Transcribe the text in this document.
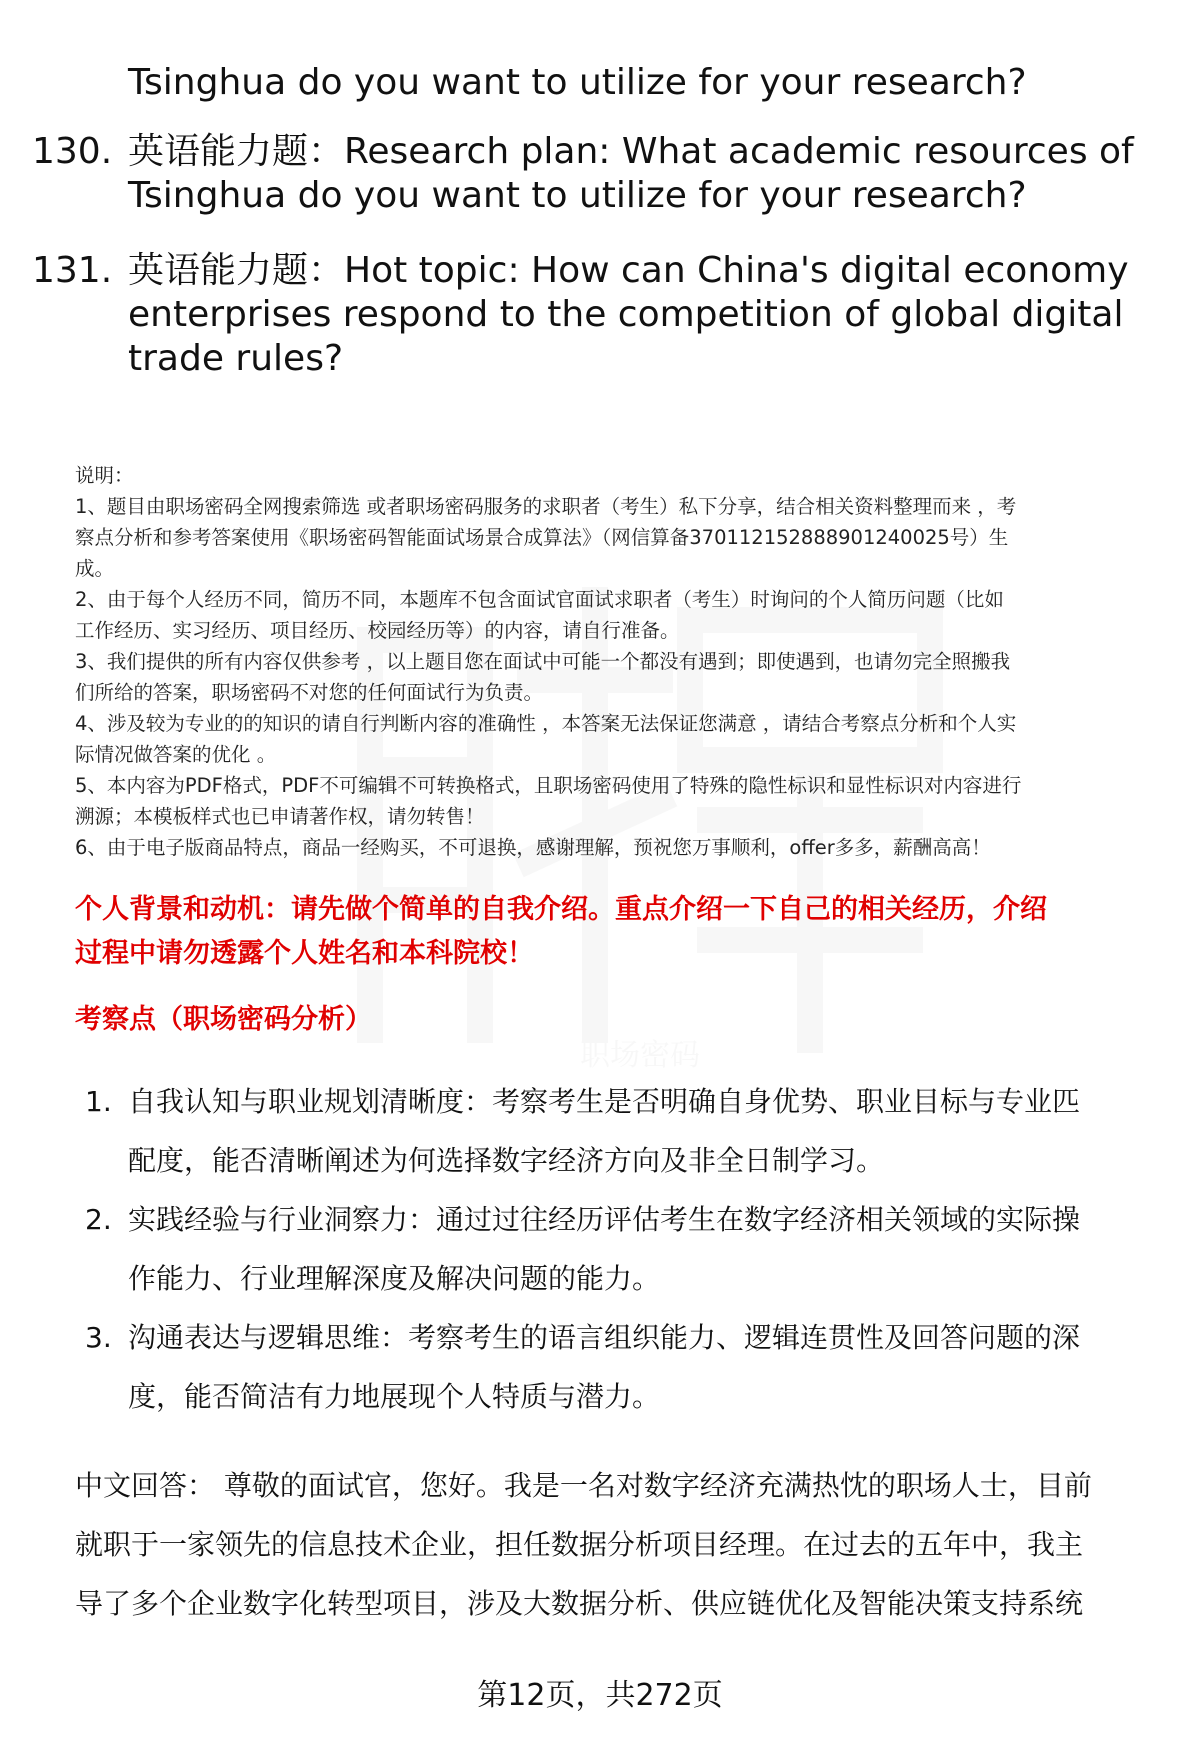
职场密码
Tsinghua do you want to utilize for your research?
130. 英语能力题：Research plan: What academic resources of
Tsinghua do you want to utilize for your research?
131. 英语能力题：Hot topic: How can China's digital economy
enterprises respond to the competition of global digital
trade rules?
说明：
1、题目由职场密码全网搜索筛选 或者职场密码服务的求职者（考生）私下分享，结合相关资料整理而来 ，考
察点分析和参考答案使用《职场密码智能面试场景合成算法》（网信算备370112152888901240025号）生
成。
2、由于每个人经历不同，简历不同，本题库不包含面试官面试求职者（考生）时询问的个人简历问题（比如
工作经历、实习经历、项目经历、校园经历等）的内容，请自行准备。
3、我们提供的所有内容仅供参考 ，以上题目您在面试中可能一个都没有遇到；即使遇到，也请勿完全照搬我
们所给的答案，职场密码不对您的任何面试行为负责。
4、涉及较为专业的的知识的请自行判断内容的准确性 ，本答案无法保证您满意 ，请结合考察点分析和个人实
际情况做答案的优化 。
5、本内容为PDF格式，PDF不可编辑不可转换格式，且职场密码使用了特殊的隐性标识和显性标识对内容进行
溯源；本模板样式也已申请著作权，请勿转售！
6、由于电子版商品特点，商品一经购买，不可退换，感谢理解，预祝您万事顺利，offer多多，薪酬高高！
个人背景和动机：请先做个简单的自我介绍。重点介绍一下自己的相关经历，介绍
过程中请勿透露个人姓名和本科院校！
考察点（职场密码分析）
1. 自我认知与职业规划清晰度：考察考生是否明确自身优势、职业目标与专业匹
配度，能否清晰阐述为何选择数字经济方向及非全日制学习。
2. 实践经验与行业洞察力：通过过往经历评估考生在数字经济相关领域的实际操
作能力、行业理解深度及解决问题的能力。
3. 沟通表达与逻辑思维：考察考生的语言组织能力、逻辑连贯性及回答问题的深
度，能否简洁有力地展现个人特质与潜力。
中文回答： 尊敬的面试官，您好。我是一名对数字经济充满热忱的职场人士，目前
就职于一家领先的信息技术企业，担任数据分析项目经理。在过去的五年中，我主
导了多个企业数字化转型项目，涉及大数据分析、供应链优化及智能决策支持系统
第12页，共272页
